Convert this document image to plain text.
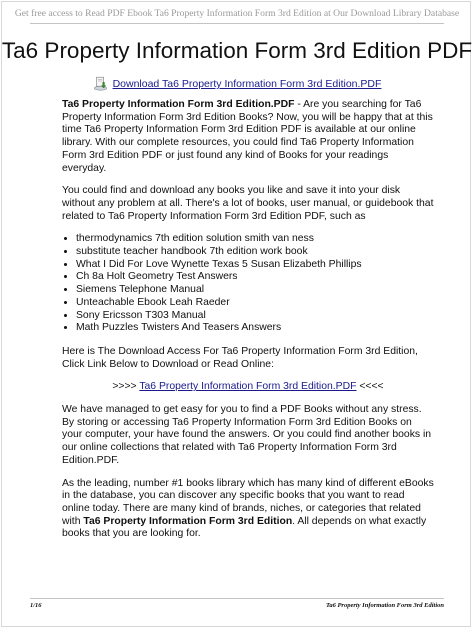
Get free access to Read PDF Ebook Ta6 Property Information Form 3rd Edition at Our Download Library Database
Ta6 Property Information Form 3rd Edition PDF
Download Ta6 Property Information Form 3rd Edition.PDF

Ta6 Property Information Form 3rd Edition.PDF - Are you searching for Ta6 Property Information Form 3rd Edition Books? Now, you will be happy that at this time Ta6 Property Information Form 3rd Edition PDF is available at our online library. With our complete resources, you could find Ta6 Property Information Form 3rd Edition PDF or just found any kind of Books for your readings everyday.

You could find and download any books you like and save it into your disk without any problem at all. There's a lot of books, user manual, or guidebook that related to Ta6 Property Information Form 3rd Edition PDF, such as

• thermodynamics 7th edition solution smith van ness
• substitute teacher handbook 7th edition work book
• What I Did For Love Wynette Texas 5 Susan Elizabeth Phillips
• Ch 8a Holt Geometry Test Answers
• Siemens Telephone Manual
• Unteachable Ebook Leah Raeder
• Sony Ericsson T303 Manual
• Math Puzzles Twisters And Teasers Answers

Here is The Download Access For Ta6 Property Information Form 3rd Edition, Click Link Below to Download or Read Online:

>>>> Ta6 Property Information Form 3rd Edition.PDF <<<<

We have managed to get easy for you to find a PDF Books without any stress. By storing or accessing Ta6 Property Information Form 3rd Edition Books on your computer, your have found the answers. Or you could find another books in our online collections that related with Ta6 Property Information Form 3rd Edition.PDF.

As the leading, number #1 books library which has many kind of different eBooks in the database, you can discover any specific books that you want to read online today. There are many kind of brands, niches, or categories that related with Ta6 Property Information Form 3rd Edition. All depends on what exactly books that you are looking for.

1/16	Ta6 Property Information Form 3rd Edition
